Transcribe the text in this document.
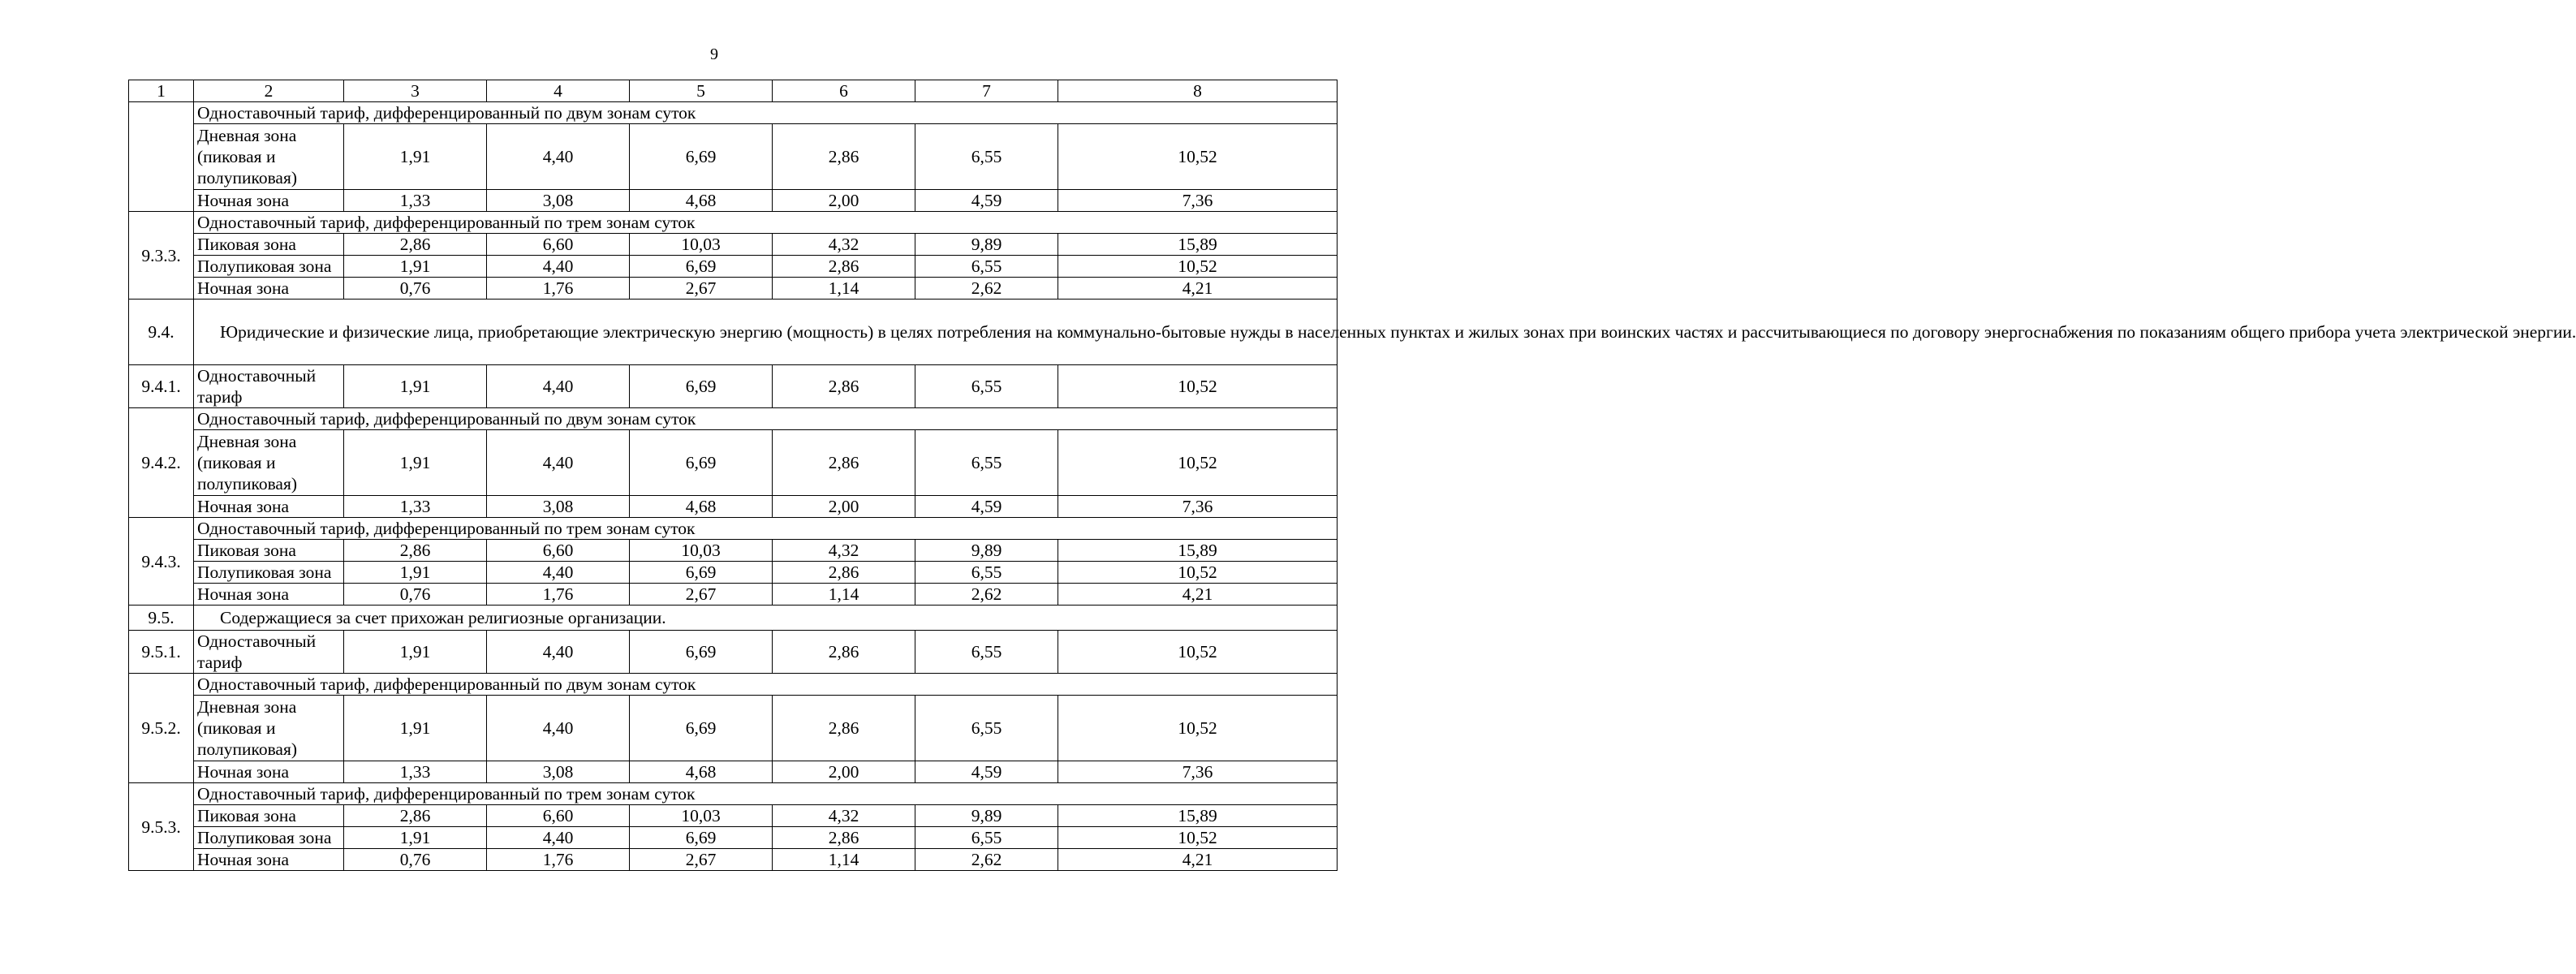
9
1	2	3	4	5	6	7	8
	Одноставочный тариф, дифференцированный по двум зонам суток						
	Дневная зона (пиковая и полупиковая)	1,91	4,40	6,69	2,86	6,55	10,52
	Ночная зона	1,33	3,08	4,68	2,00	4,59	7,36
9.3.3.	Одноставочный тариф, дифференцированный по трем зонам суток						
	Пиковая зона	2,86	6,60	10,03	4,32	9,89	15,89
	Полупиковая зона	1,91	4,40	6,69	2,86	6,55	10,52
	Ночная зона	0,76	1,76	2,67	1,14	2,62	4,21
9.4.	Юридические и физические лица, приобретающие электрическую энергию (мощность) в целях потребления на коммунально-бытовые нужды в населенных пунктах и жилых зонах при воинских частях и рассчитывающиеся по договору энергоснабжения по показаниям общего прибора учета электрической энергии.						
9.4.1.	Одноставочный тариф	1,91	4,40	6,69	2,86	6,55	10,52
9.4.2.	Одноставочный тариф, дифференцированный по двум зонам суток						
	Дневная зона (пиковая и полупиковая)	1,91	4,40	6,69	2,86	6,55	10,52
	Ночная зона	1,33	3,08	4,68	2,00	4,59	7,36
9.4.3.	Одноставочный тариф, дифференцированный по трем зонам суток						
	Пиковая зона	2,86	6,60	10,03	4,32	9,89	15,89
	Полупиковая зона	1,91	4,40	6,69	2,86	6,55	10,52
	Ночная зона	0,76	1,76	2,67	1,14	2,62	4,21
9.5.	Содержащиеся за счет прихожан религиозные организации.						
9.5.1.	Одноставочный тариф	1,91	4,40	6,69	2,86	6,55	10,52
9.5.2.	Одноставочный тариф, дифференцированный по двум зонам суток						
	Дневная зона (пиковая и полупиковая)	1,91	4,40	6,69	2,86	6,55	10,52
	Ночная зона	1,33	3,08	4,68	2,00	4,59	7,36
9.5.3.	Одноставочный тариф, дифференцированный по трем зонам суток						
	Пиковая зона	2,86	6,60	10,03	4,32	9,89	15,89
	Полупиковая зона	1,91	4,40	6,69	2,86	6,55	10,52
	Ночная зона	0,76	1,76	2,67	1,14	2,62	4,21
